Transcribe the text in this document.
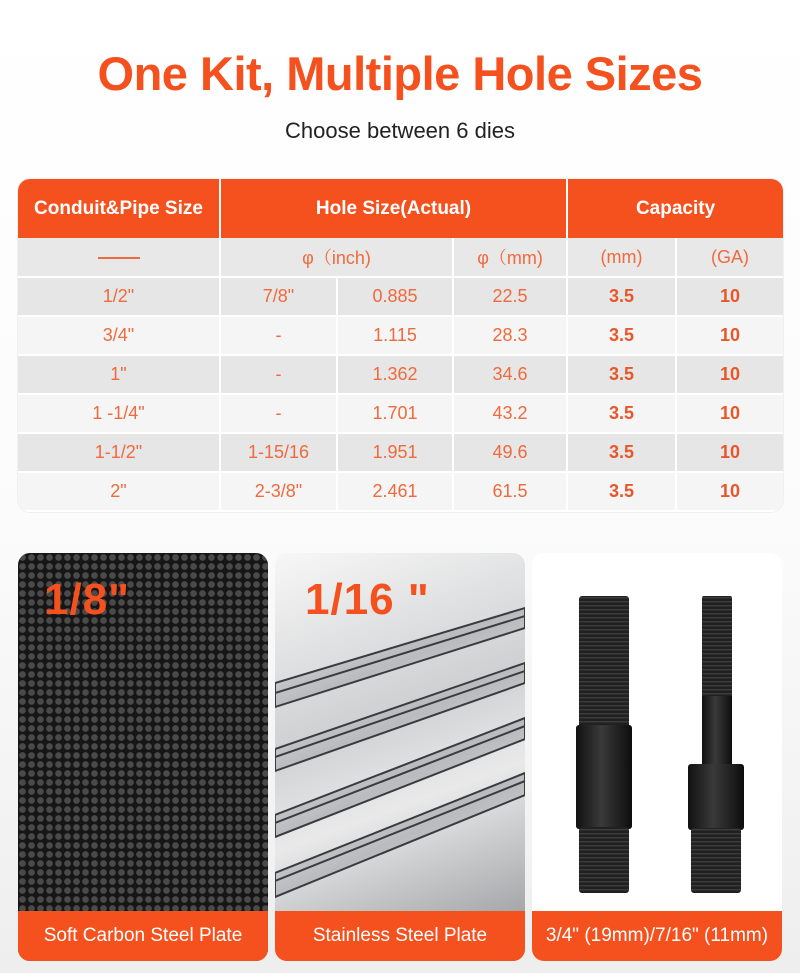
One Kit, Multiple Hole Sizes
Choose between 6 dies
Conduit&Pipe Size	Hole Size(Actual)			Capacity	
	φ（inch)		φ（mm)	(mm)	(GA)
1/2"	7/8"	0.885	22.5	3.5	10
3/4"	-	1.115	28.3	3.5	10
1"	-	1.362	34.6	3.5	10
1 -1/4"	-	1.701	43.2	3.5	10
1-1/2"	1-15/16	1.951	49.6	3.5	10
2"	2-3/8"	2.461	61.5	3.5	10
1/8"
Soft Carbon Steel Plate
1/16 "
Stainless Steel Plate	3/4" (19mm)/7/16" (11mm)
